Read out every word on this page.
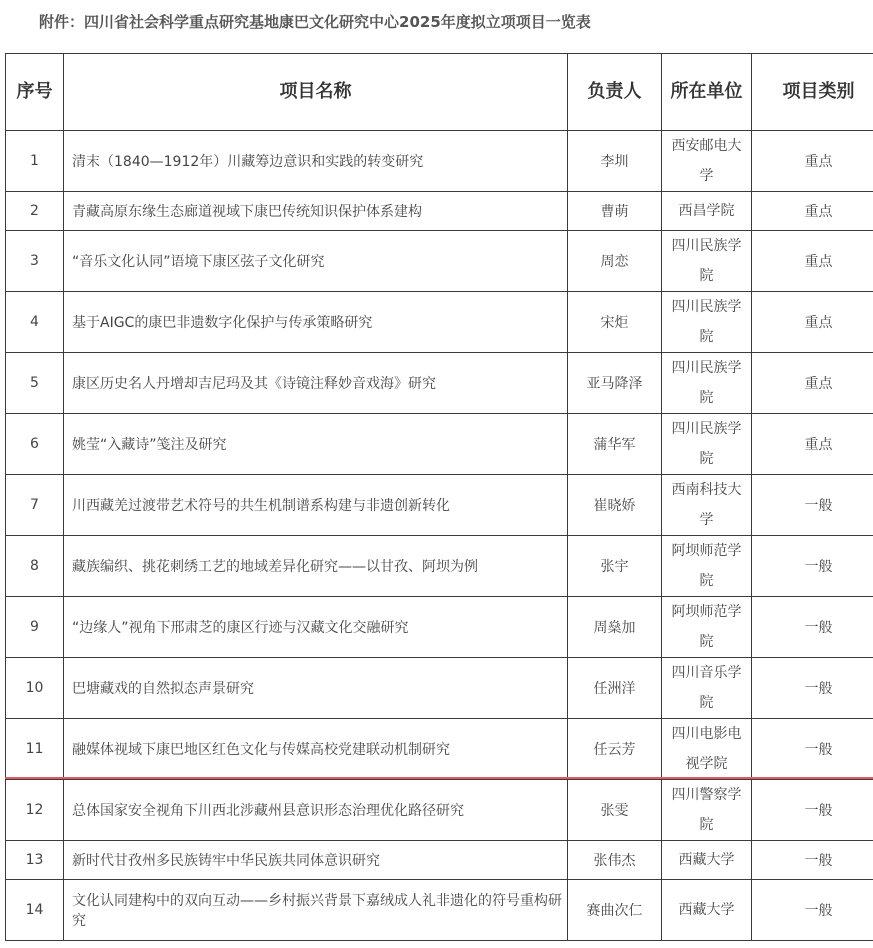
附件：四川省社会科学重点研究基地康巴文化研究中心2025年度拟立项项目一览表
序号	项目名称	负责人	所在单位	项目类别
1	清末（1840—1912年）川藏筹边意识和实践的转变研究	李圳	西安邮电大学	重点
2	青藏高原东缘生态廊道视域下康巴传统知识保护体系建构	曹萌	西昌学院	重点
3	“音乐文化认同”语境下康区弦子文化研究	周恋	四川民族学院	重点
4	基于AIGC的康巴非遗数字化保护与传承策略研究	宋炬	四川民族学院	重点
5	康区历史名人丹增却吉尼玛及其《诗镜注释妙音戏海》研究	亚马降泽	四川民族学院	重点
6	姚莹“入藏诗”笺注及研究	蒲华军	四川民族学院	重点
7	川西藏羌过渡带艺术符号的共生机制谱系构建与非遗创新转化	崔晓娇	西南科技大学	一般
8	藏族编织、挑花刺绣工艺的地域差异化研究——以甘孜、阿坝为例	张宇	阿坝师范学院	一般
9	“边缘人”视角下邢肃芝的康区行迹与汉藏文化交融研究	周燊加	阿坝师范学院	一般
10	巴塘藏戏的自然拟态声景研究	任洲洋	四川音乐学院	一般
11	融媒体视域下康巴地区红色文化与传媒高校党建联动机制研究	任云芳	四川电影电视学院	一般
12	总体国家安全视角下川西北涉藏州县意识形态治理优化路径研究	张雯	四川警察学院	一般
13	新时代甘孜州多民族铸牢中华民族共同体意识研究	张伟杰	西藏大学	一般
14	文化认同建构中的双向互动——乡村振兴背景下嘉绒成人礼非遗化的符号重构研究	赛曲次仁	西藏大学	一般
